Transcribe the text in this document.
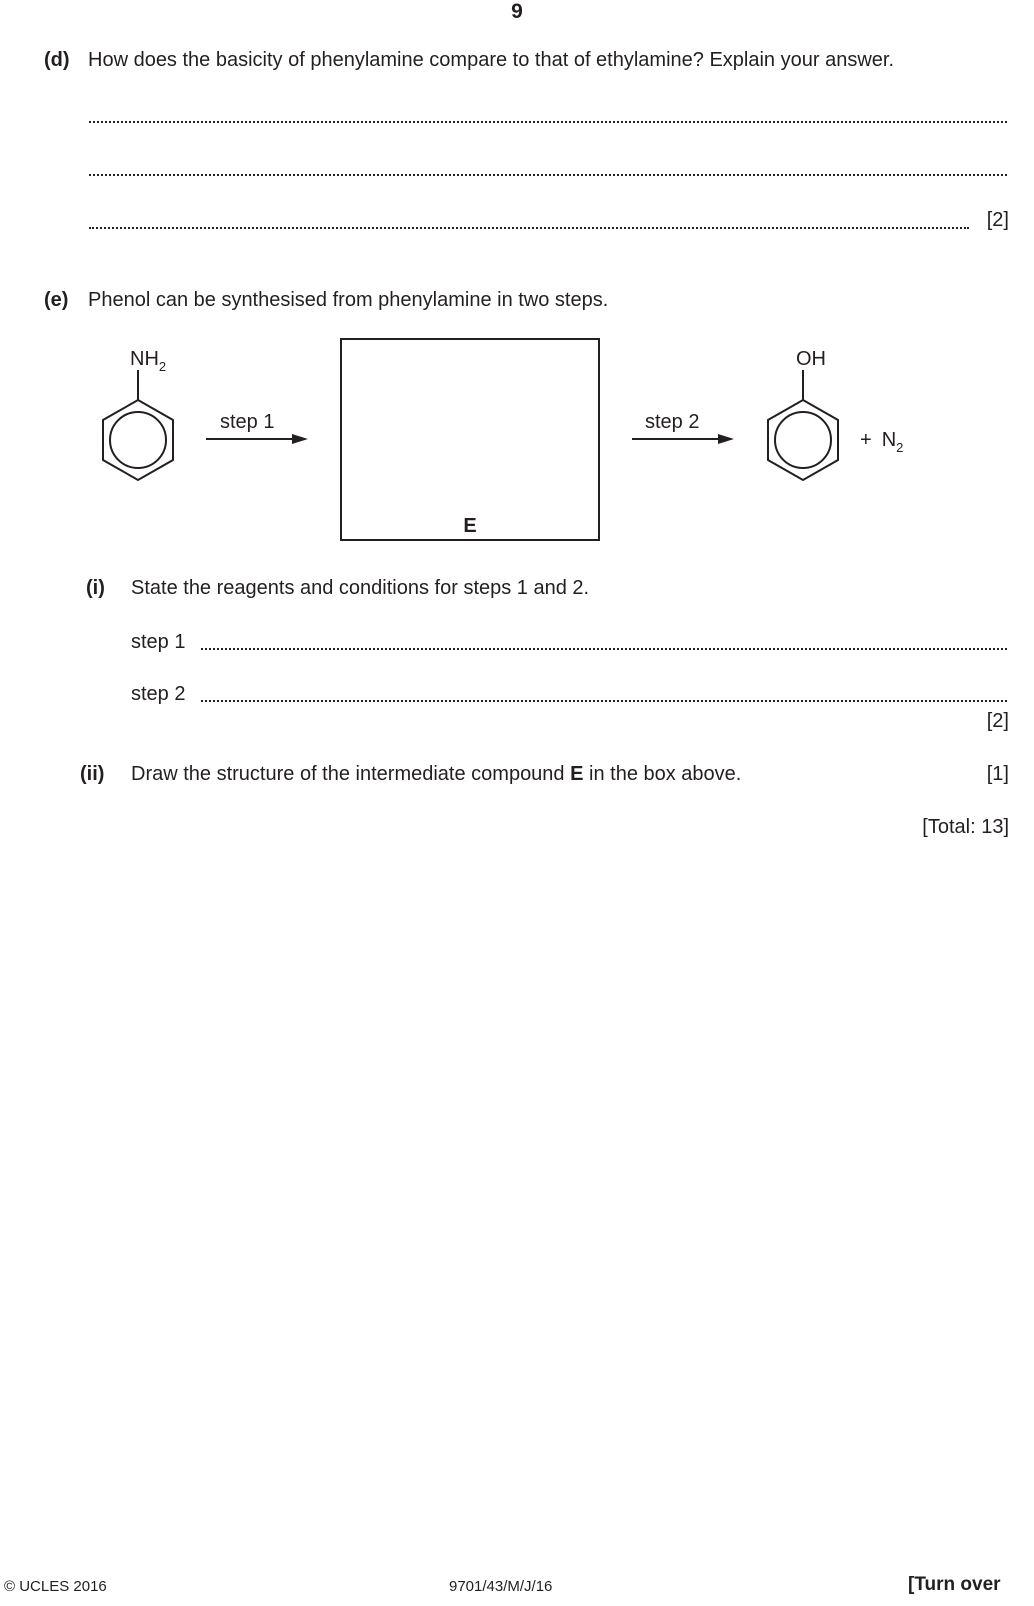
9
(d) How does the basicity of phenylamine compare to that of ethylamine? Explain your answer.
[2]
(e) Phenol can be synthesised from phenylamine in two steps.
$NH_2$
step 1
E
step 2
OH
+ $N_2$
(i) State the reagents and conditions for steps 1 and 2.
step 1
step 2
[2]
(ii) Draw the structure of the intermediate compound E in the box above.	[1]
[Total: 13]
© UCLES 2016	9701/43/M/J/16	[Turn over
